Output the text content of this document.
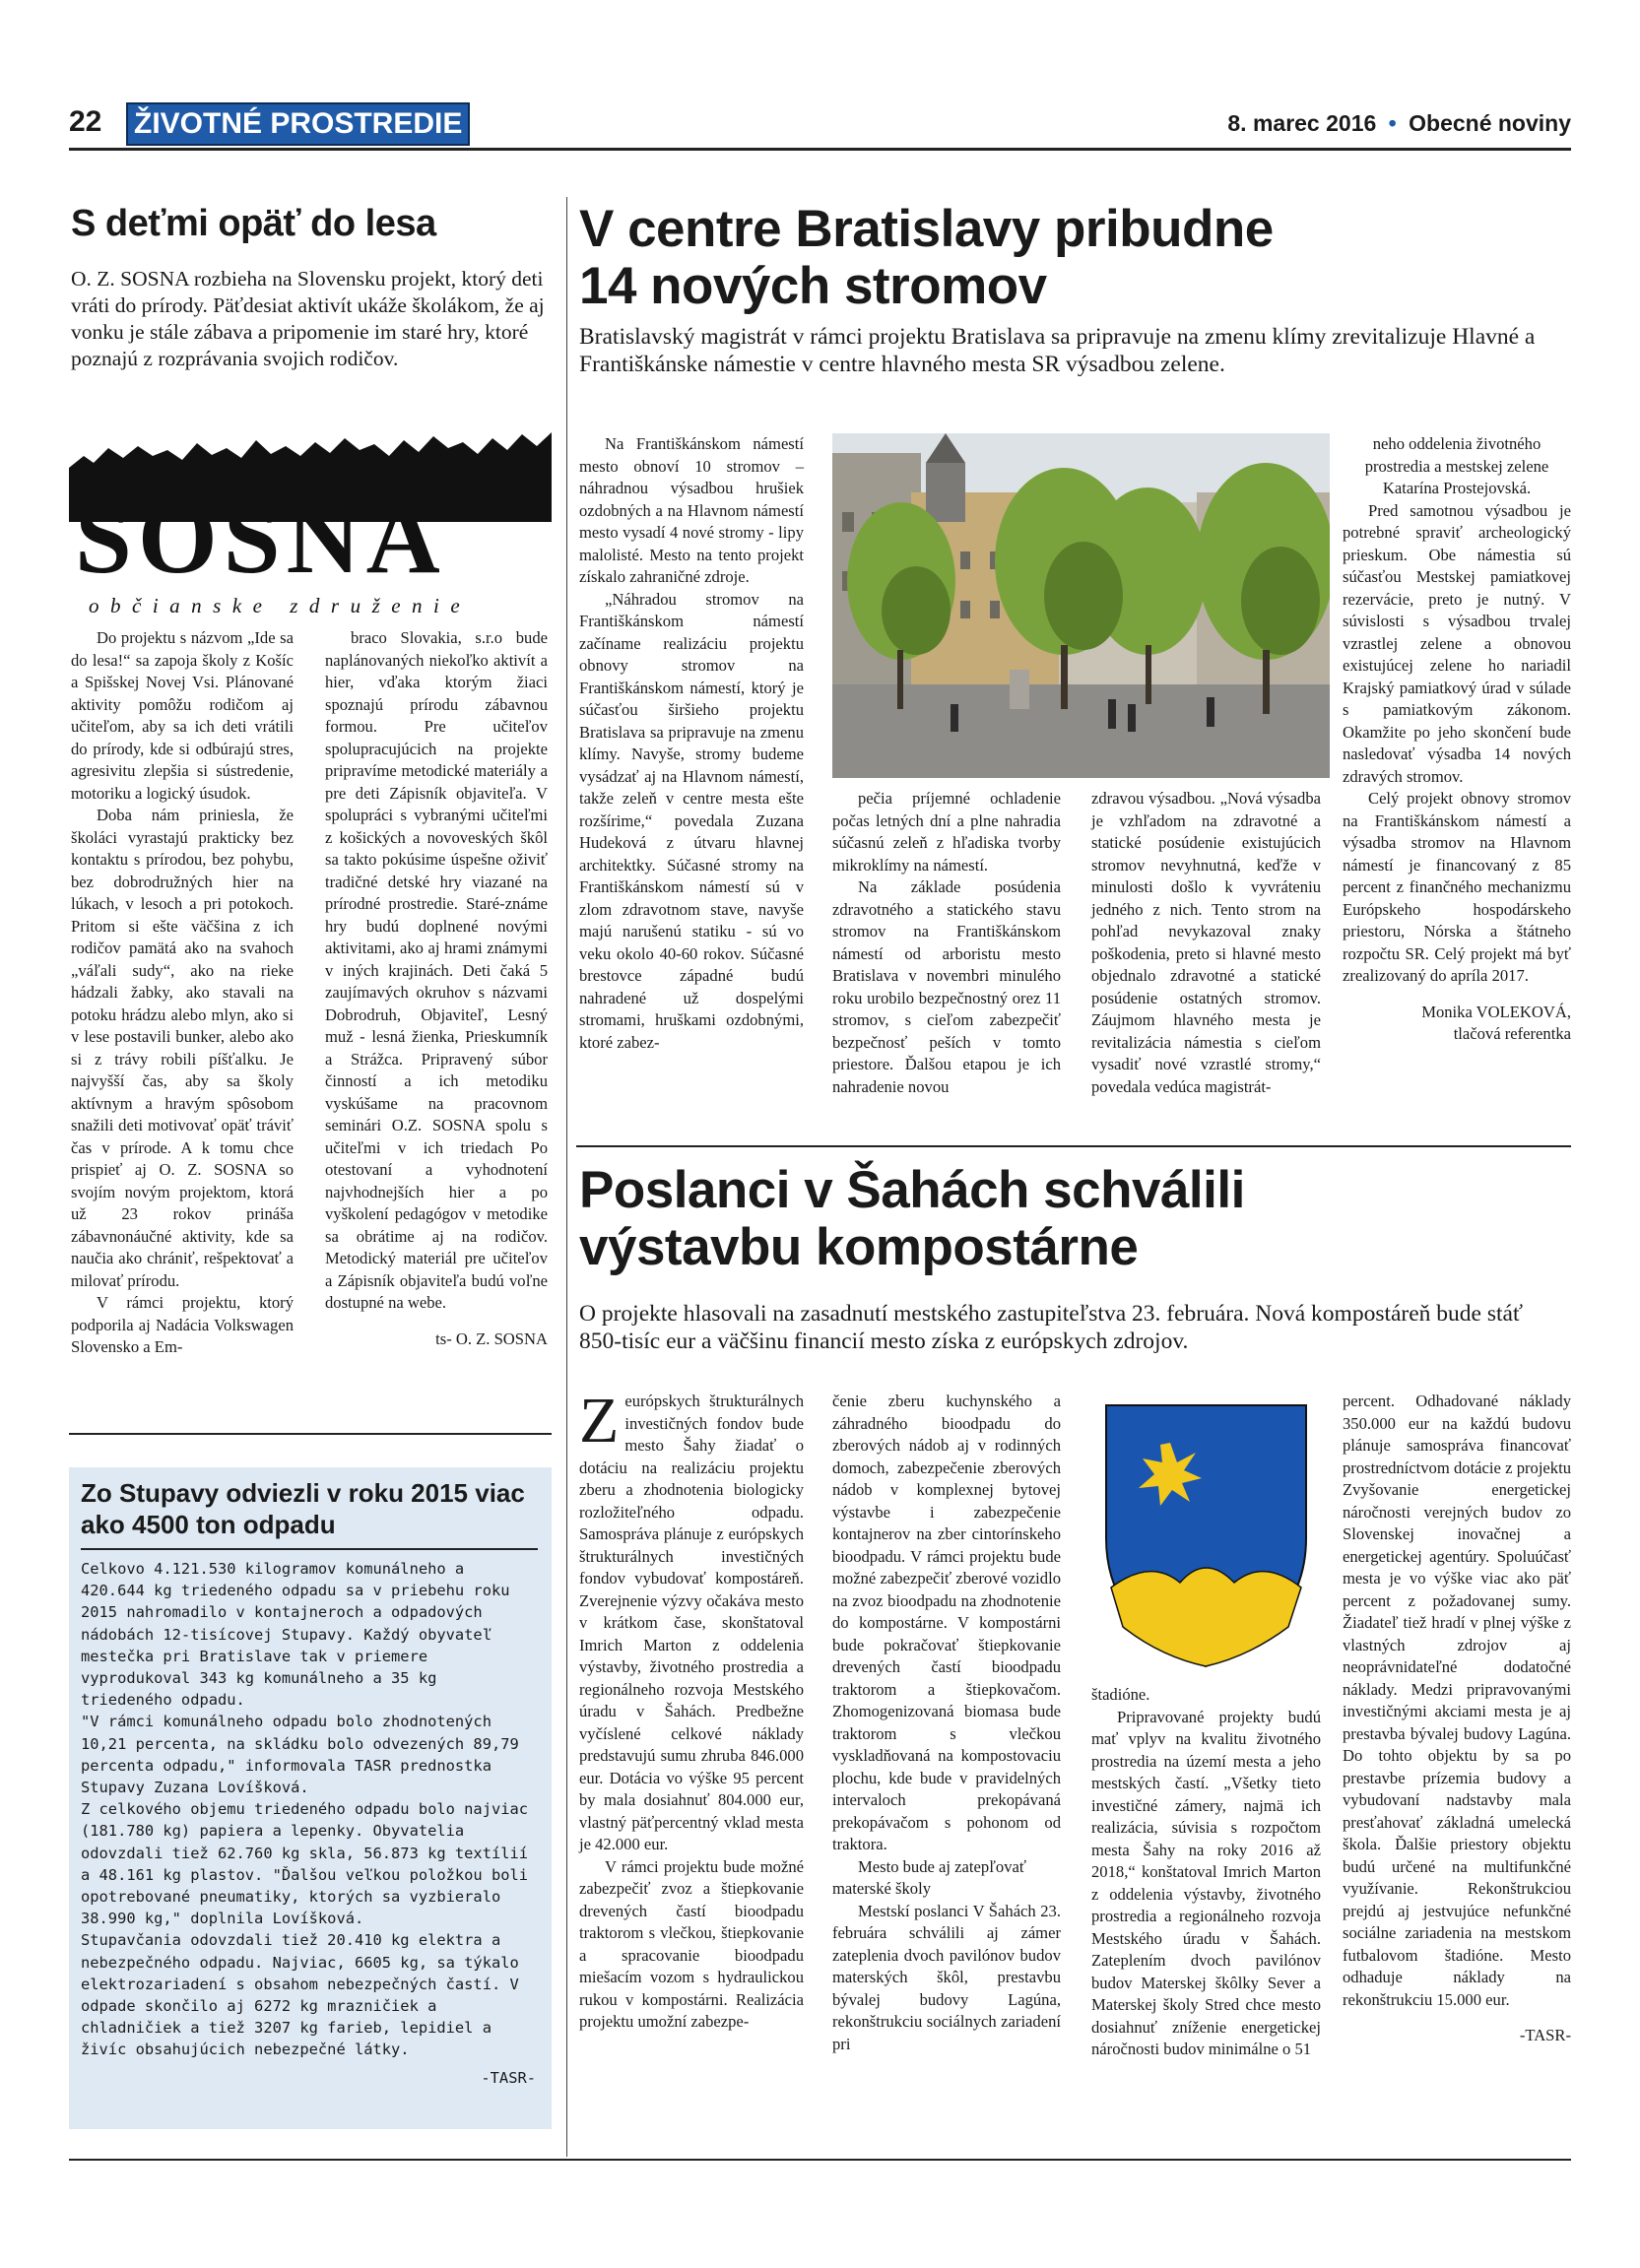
22 ŽIVOTNÉ PROSTREDIE	8. marec 2016 • Obecné noviny
S deťmi opäť do lesa
O. Z. SOSNA rozbieha na Slovensku projekt, ktorý deti vráti do prírody. Päťdesiat aktivít ukáže školákom, že aj vonku je stále zábava a pripomenie im staré hry, ktoré poznajú z rozprávania svojich rodičov.
SOSNA
občianske združenie

Do projektu s názvom „Ide sa do lesa!“ sa zapoja školy z Košíc a Spišskej Novej Vsi. Plánované aktivity pomôžu rodičom aj učiteľom, aby sa ich deti vrátili do prírody, kde si odbúrajú stres, agresivitu zlepšia si sústredenie, motoriku a logický úsudok.

Doba nám priniesla, že školáci vyrastajú prakticky bez kontaktu s prírodou, bez pohybu, bez dobrodružných hier na lúkach, v lesoch a pri potokoch. Pritom si ešte väčšina z ich rodičov pamätá ako na svahoch „váľali sudy“, ako na rieke hádzali žabky, ako stavali na potoku hrádzu alebo mlyn, ako si v lese postavili bunker, alebo ako si z trávy robili píšťalku. Je najvyšší čas, aby sa školy aktívnym a hravým spôsobom snažili deti motivovať opäť tráviť čas v prírode. A k tomu chce prispieť aj O. Z. SOSNA so svojím novým projektom, ktorá už 23 rokov prináša zábavnonáučné aktivity, kde sa naučia ako chrániť, rešpektovať a milovať prírodu.

V rámci projektu, ktorý podporila aj Nadácia Volkswagen Slovensko a Em-

braco Slovakia, s.r.o bude naplánovaných niekoľko aktivít a hier, vďaka ktorým žiaci spoznajú prírodu zábavnou formou. Pre učiteľov spolupracujúcich na projekte pripravíme metodické materiály a pre deti Zápisník objaviteľa. V spolupráci s vybranými učiteľmi z košických a novoveských škôl sa takto pokúsime úspešne oživiť tradičné detské hry viazané na prírodné prostredie. Staré-známe hry budú doplnené novými aktivitami, ako aj hrami známymi v iných krajinách. Deti čaká 5 zaujímavých okruhov s názvami Dobrodruh, Objaviteľ, Lesný muž - lesná žienka, Prieskumník a Strážca. Pripravený súbor činností a ich metodiku vyskúšame na pracovnom seminári O.Z. SOSNA spolu s učiteľmi v ich triedach Po otestovaní a vyhodnotení najvhodnejších hier a po vyškolení pedagógov v metodike sa obrátime aj na rodičov. Metodický materiál pre učiteľov a Zápisník objaviteľa budú voľne dostupné na webe.

ts- O. Z. SOSNA

Zo Stupavy odviezli v roku 2015 viac ako 4500 ton odpadu

Celkovo 4.121.530 kilogramov komunálneho a 420.644 kg triedeného odpadu sa v priebehu roku 2015 nahromadilo v kontajneroch a odpadových nádobách 12-tisícovej Stupavy. Každý obyvateľ mestečka pri Bratislave tak v priemere vyprodukoval 343 kg komunálneho a 35 kg triedeného odpadu.

"V rámci komunálneho odpadu bolo zhodnotených 10,21 percenta, na skládku bolo odvezených 89,79 percenta odpadu," informovala TASR prednostka Stupavy Zuzana Lovíšková.

Z celkového objemu triedeného odpadu bolo najviac (181.780 kg) papiera a lepenky. Obyvatelia odovzdali tiež 62.760 kg skla, 56.873 kg textílií a 48.161 kg plastov. "Ďalšou veľkou položkou boli opotrebované pneumatiky, ktorých sa vyzbieralo 38.990 kg," doplnila Lovíšková.

Stupavčania odovzdali tiež 20.410 kg elektra a nebezpečného odpadu. Najviac, 6605 kg, sa týkalo elektrozariadení s obsahom nebezpečných častí. V odpade skončilo aj 6272 kg mrazničiek a chladničiek a tiež 3207 kg farieb, lepidiel a živíc obsahujúcich nebezpečné látky.

-TASR-

V centre Bratislavy pribudne
14 nových stromov
Bratislavský magistrát v rámci projektu Bratislava sa pripravuje na zmenu klímy zrevitalizuje Hlavné a Františkánske námestie v centre hlavného mesta SR výsadbou zelene.

Na Františkánskom námestí mesto obnoví 10 stromov – náhradnou výsadbou hrušiek ozdobných a na Hlavnom námestí mesto vysadí 4 nové stromy - lipy malolisté. Mesto na tento projekt získalo zahraničné zdroje.

„Náhradou stromov na Františkánskom námestí začíname realizáciu projektu obnovy stromov na Františkánskom námestí, ktorý je súčasťou širšieho projektu Bratislava sa pripravuje na zmenu klímy. Navyše, stromy budeme vysádzať aj na Hlavnom námestí, takže zeleň v centre mesta ešte rozšírime,“ povedala Zuzana Hudeková z útvaru hlavnej architektky. Súčasné stromy na Františkánskom námestí sú v zlom zdravotnom stave, navyše majú narušenú statiku - sú vo veku okolo 40-60 rokov. Súčasné brestovce západné budú nahradené už dospelými stromami, hruškami ozdobnými, ktoré zabez-

pečia príjemné ochladenie počas letných dní a plne nahradia súčasnú zeleň z hľadiska tvorby mikroklímy na námestí.

Na základe posúdenia zdravotného a statického stavu stromov na Františkánskom námestí od arboristu mesto Bratislava v novembri minulého roku urobilo bezpečnostný orez 11 stromov, s cieľom zabezpečiť bezpečnosť peších v tomto priestore. Ďalšou etapou je ich nahradenie novou

zdravou výsadbou. „Nová výsadba je vzhľadom na zdravotné a statické posúdenie existujúcich stromov nevyhnutná, keďže v minulosti došlo k vyvráteniu jedného z nich. Tento strom na pohľad nevykazoval znaky poškodenia, preto si hlavné mesto objednalo zdravotné a statické posúdenie ostatných stromov. Záujmom hlavného mesta je revitalizácia námestia s cieľom vysadiť nové vzrastlé stromy,“ povedala vedúca magistrát-

neho oddelenia životného prostredia a mestskej zelene Katarína Prostejovská.

Pred samotnou výsadbou je potrebné spraviť archeologický prieskum. Obe námestia sú súčasťou Mestskej pamiatkovej rezervácie, preto je nutný. V súvislosti s výsadbou trvalej vzrastlej zelene a obnovou existujúcej zelene ho nariadil Krajský pamiatkový úrad v súlade s pamiatkovým zákonom. Okamžite po jeho skončení bude nasledovať výsadba 14 nových zdravých stromov.

Celý projekt obnovy stromov na Františkánskom námestí a výsadba stromov na Hlavnom námestí je financovaný z 85 percent z finančného mechanizmu Európskeho hospodárskeho priestoru, Nórska a štátneho rozpočtu SR. Celý projekt má byť zrealizovaný do apríla 2017.

Monika VOLEKOVÁ,

tlačová referentka

Poslanci v Šahách schválili
výstavbu kompostárne
O projekte hlasovali na zasadnutí mestského zastupiteľstva 23. februára. Nová kompostáreň bude stáť 850-tisíc eur a väčšinu financií mesto získa z európskych zdrojov.
Z európskych štrukturálnych investičných fondov bude mesto Šahy žiadať o dotáciu na realizáciu projektu zberu a zhodnotenia biologicky rozložiteľného odpadu. Samospráva plánuje z európskych štrukturálnych investičných fondov vybudovať kompostáreň. Zverejnenie výzvy očakáva mesto v krátkom čase, skonštatoval Imrich Marton z oddelenia výstavby, životného prostredia a regionálneho rozvoja Mestského úradu v Šahách. Predbežne vyčíslené celkové náklady predstavujú sumu zhruba 846.000 eur. Dotácia vo výške 95 percent by mala dosiahnuť 804.000 eur, vlastný päťpercentný vklad mesta je 42.000 eur.

V rámci projektu bude možné zabezpečiť zvoz a štiepkovanie drevených častí bioodpadu traktorom s vlečkou, štiepkovanie a spracovanie bioodpadu miešacím vozom s hydraulickou rukou v kompostárni. Realizácia projektu umožní zabezpe-

čenie zberu kuchynského a záhradného bioodpadu do zberových nádob aj v rodinných domoch, zabezpečenie zberových nádob v komplexnej bytovej výstavbe i zabezpečenie kontajnerov na zber cintorínskeho bioodpadu. V rámci projektu bude možné zabezpečiť zberové vozidlo na zvoz bioodpadu na zhodnotenie do kompostárne. V kompostárni bude pokračovať štiepkovanie drevených častí bioodpadu traktorom a štiepkovačom. Zhomogenizovaná biomasa bude traktorom s vlečkou vyskladňovaná na kompostovaciu plochu, kde bude v pravidelných intervaloch prekopávaná prekopávačom s pohonom od traktora.

Mesto bude aj zatepľovať materské školy

Mestskí poslanci V Šahách 23. februára schválili aj zámer zateplenia dvoch pavilónov budov materských škôl, prestavbu bývalej budovy Lagúna, rekonštrukciu sociálnych zariadení pri

štadióne.

Pripravované projekty budú mať vplyv na kvalitu životného prostredia na území mesta a jeho mestských častí. „Všetky tieto investičné zámery, najmä ich realizácia, súvisia s rozpočtom mesta Šahy na roky 2016 až 2018,“ konštatoval Imrich Marton z oddelenia výstavby, životného prostredia a regionálneho rozvoja Mestského úradu v Šahách. Zateplením dvoch pavilónov budov Materskej škôlky Sever a Materskej školy Stred chce mesto dosiahnuť zníženie energetickej náročnosti budov minimálne o 51

percent. Odhadované náklady 350.000 eur na každú budovu plánuje samospráva financovať prostredníctvom dotácie z projektu Zvyšovanie energetickej náročnosti verejných budov zo Slovenskej inovačnej a energetickej agentúry. Spoluúčasť mesta je vo výške viac ako päť percent z požadovanej sumy. Žiadateľ tiež hradí v plnej výške z vlastných zdrojov aj neoprávnidateľné dodatočné náklady. Medzi pripravovanými investičnými akciami mesta je aj prestavba bývalej budovy Lagúna. Do tohto objektu by sa po prestavbe prízemia budovy a vybudovaní nadstavby mala presťahovať základná umelecká škola. Ďalšie priestory objektu budú určené na multifunkčné využívanie. Rekonštrukciou prejdú aj jestvujúce nefunkčné sociálne zariadenia na mestskom futbalovom štadióne. Mesto odhaduje náklady na rekonštrukciu 15.000 eur.

-TASR-
